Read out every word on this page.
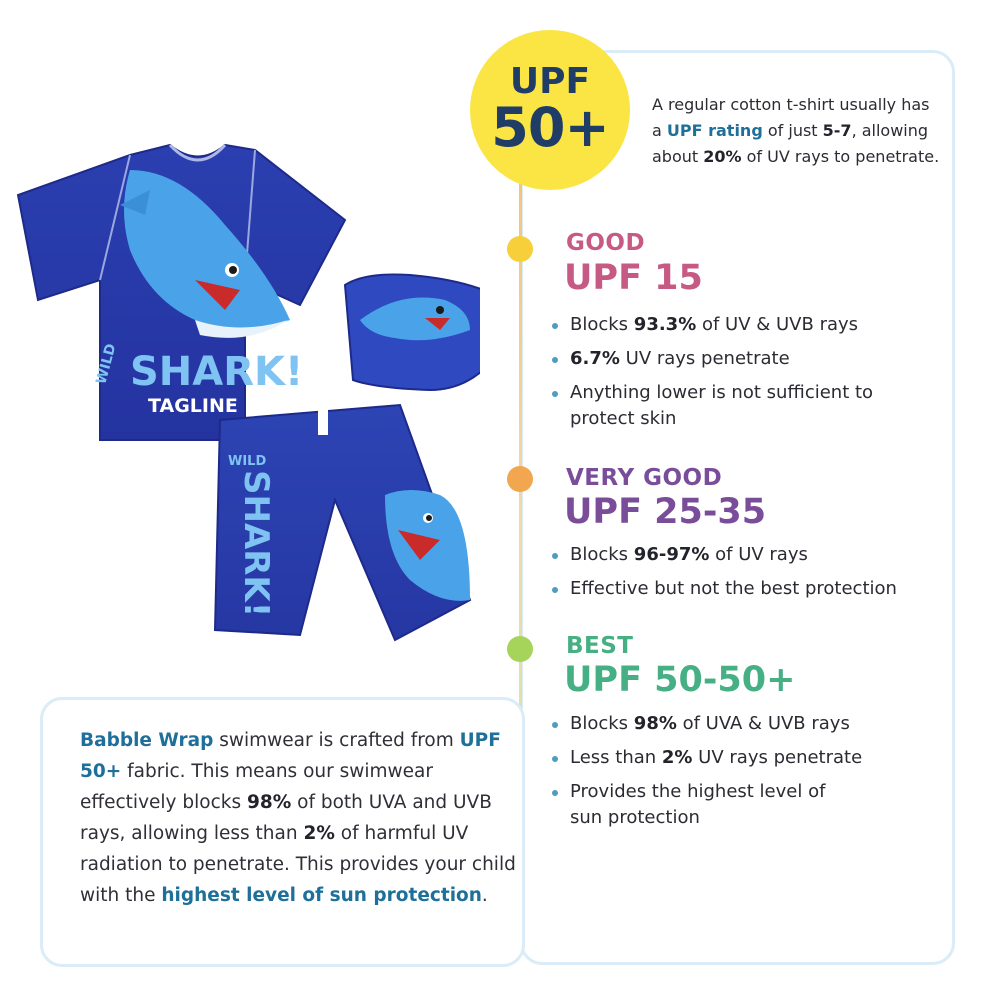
UPF
50+	A regular cotton t-shirt usually has a UPF rating of just 5-7, allowing about 20% of UV rays to penetrate.
GOOD
UPF 15
Blocks 93.3% of UV & UVB rays
6.7% UV rays penetrate
Anything lower is not sufficient to protect skin
VERY GOOD
UPF 25-35
Blocks 96-97% of UV rays
Effective but not the best protection
BEST
UPF 50-50+
Blocks 98% of UVA & UVB rays
Less than 2% UV rays penetrate
Provides the highest level of sun protection
Babble Wrap swimwear is crafted from UPF 50+ fabric. This means our swimwear effectively blocks 98% of both UVA and UVB rays, allowing less than 2% of harmful UV radiation to penetrate. This provides your child with the highest level of sun protection.
WILD SHARK!
TAGLINE
WILD
SHARK!
